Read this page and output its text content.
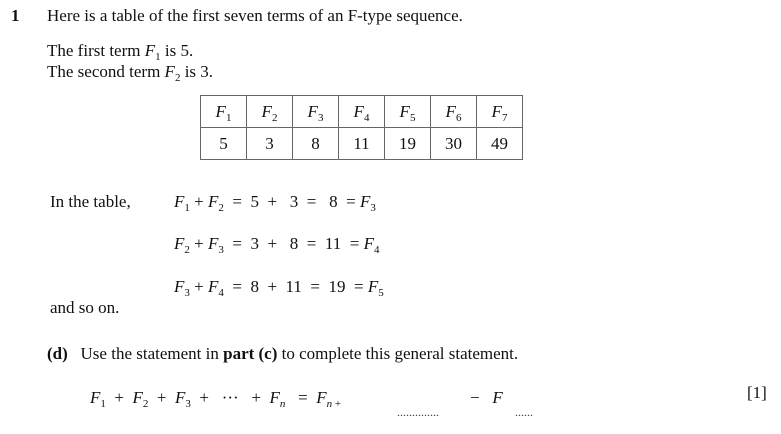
1 Here is a table of the first seven terms of an F-type sequence.
The first term $F_1$ is 5.
The second term $F_2$ is 3.
$F_1$	$F_2$	$F_3$	$F_4$	$F_5$	$F_6$	$F_7$
5	3	8	11	19	30	49
In the table,	$F_1 + F_2 = 5 + 3 = 8 = F_3$
$F_2 + F_3 = 3 + 8 = 11 = F_4$
$F_3 + F_4 = 8 + 11 = 19 = F_5$
and so on.
(d) Use the statement in part (c) to complete this general statement.
$F_1 + F_2 + F_3$  +   ···   +  $F_n = F_{n +}$
..............
−   F
......
[1]
